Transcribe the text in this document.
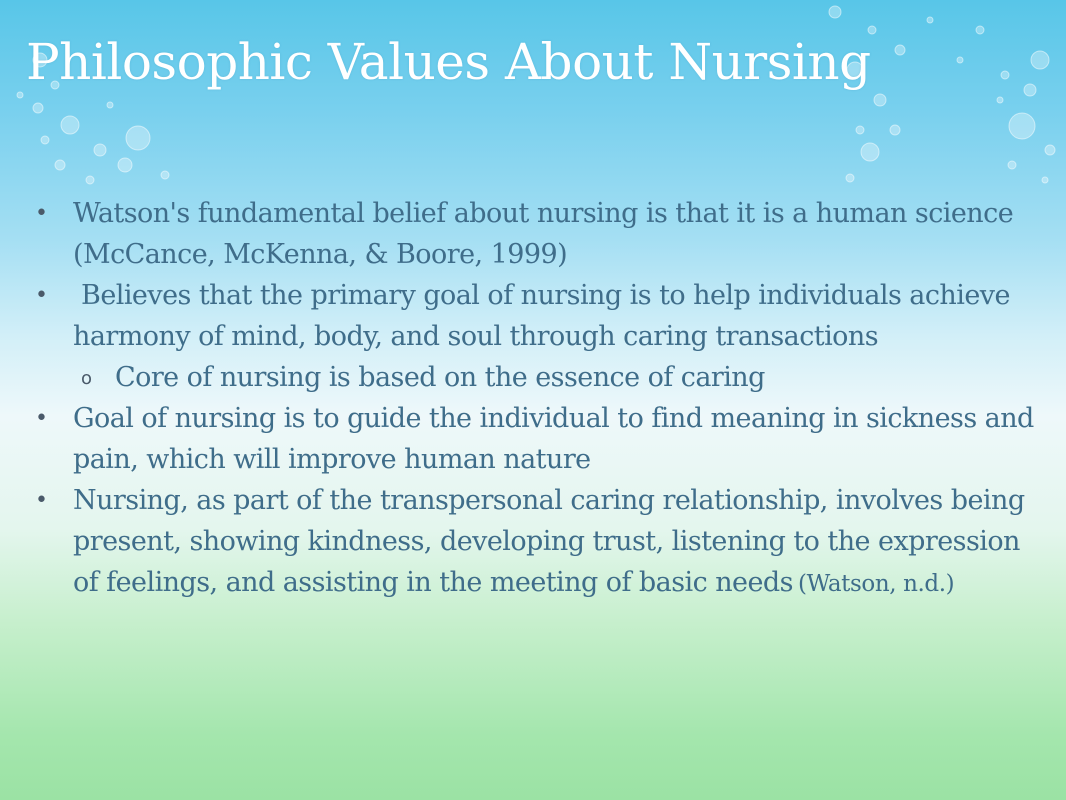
Philosophic Values About Nursing
• Watson's fundamental belief about nursing is that it is a human science (McCance, McKenna, & Boore, 1999)
• Believes that the primary goal of nursing is to help individuals achieve harmony of mind, body, and soul through caring transactions
o Core of nursing is based on the essence of caring
• Goal of nursing is to guide the individual to find meaning in sickness and pain, which will improve human nature
• Nursing, as part of the transpersonal caring relationship, involves being present, showing kindness, developing trust, listening to the expression of feelings, and assisting in the meeting of basic needs (Watson, n.d.)
